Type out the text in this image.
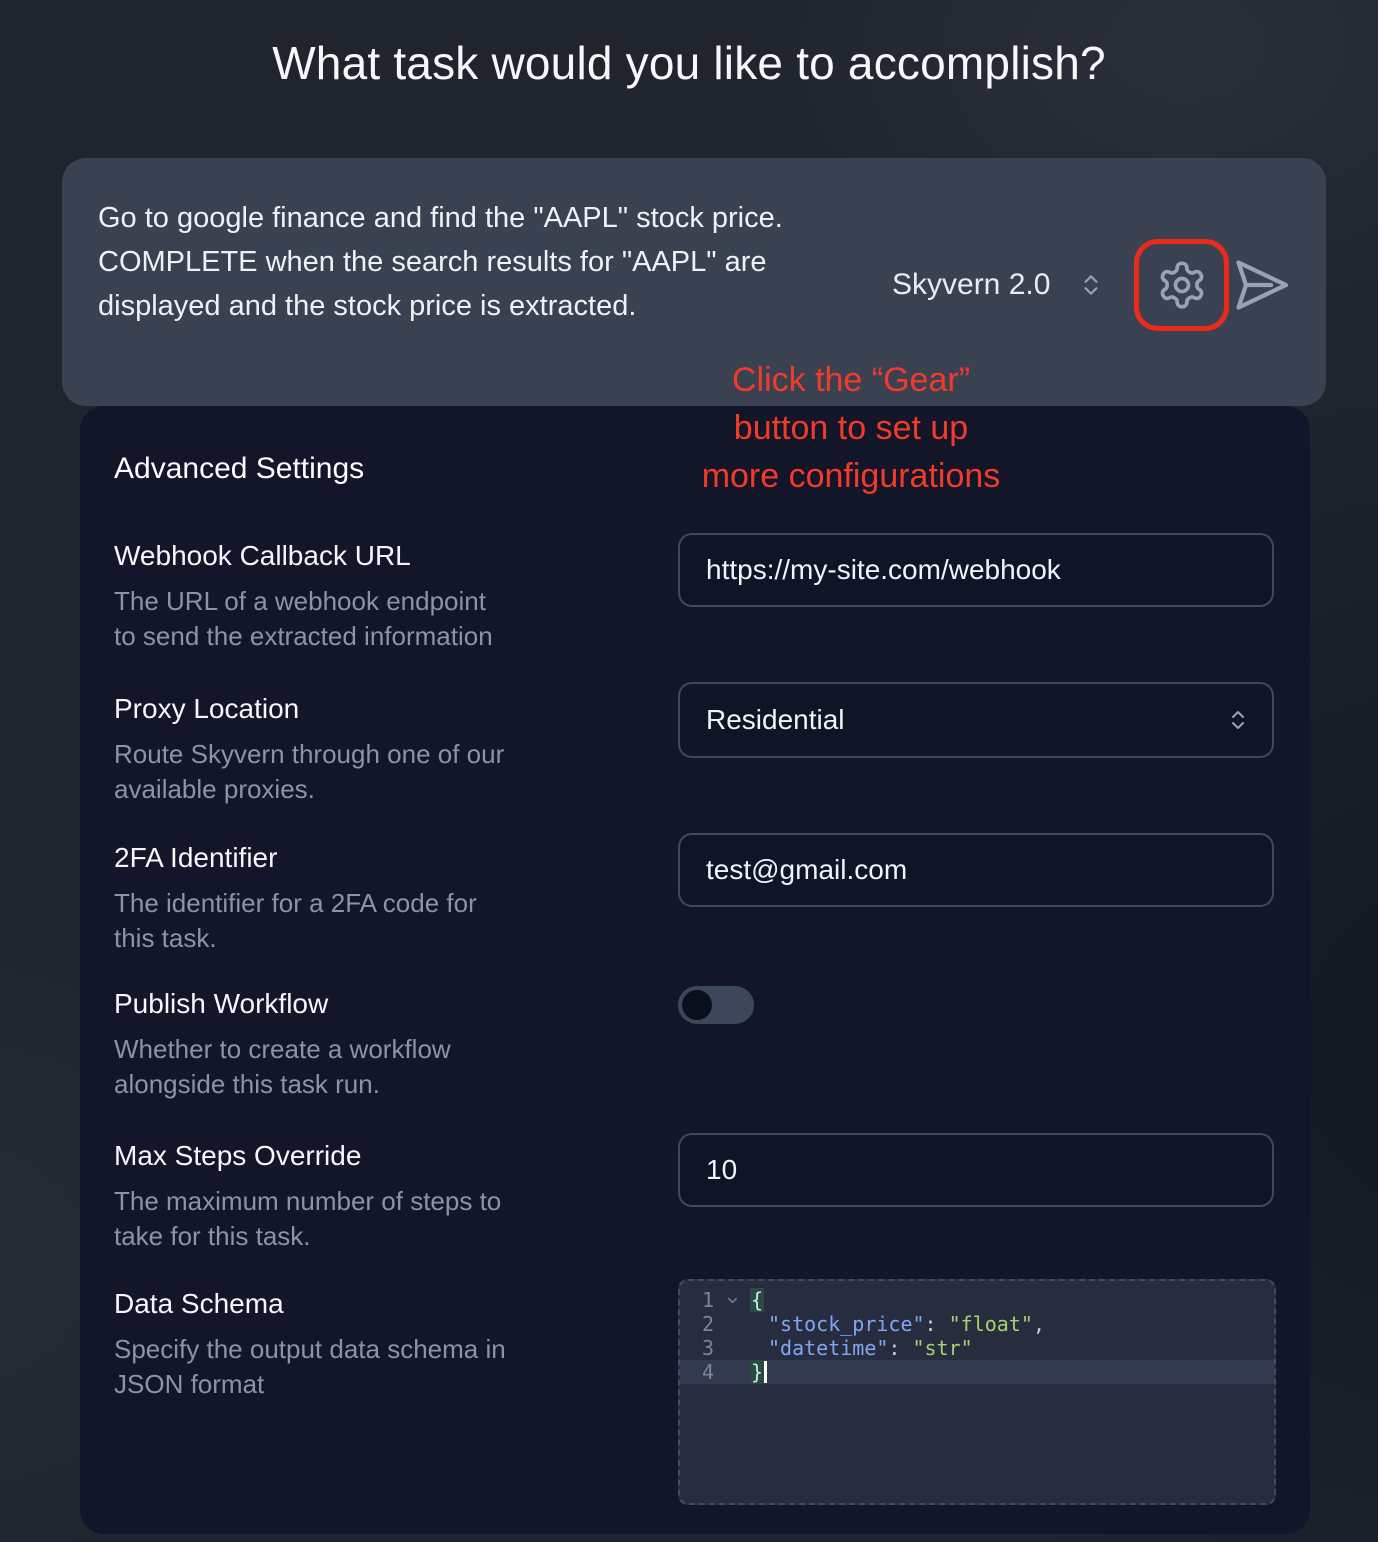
What task would you like to accomplish?
Go to google finance and find the "AAPL" stock price. COMPLETE when the search results for "AAPL" are displayed and the stock price is extracted.
Skyvern 2.0
Click the “Gear”
button to set up
more configurations
Advanced Settings
Webhook Callback URL
The URL of a webhook endpoint to send the extracted information
https://my-site.com/webhook
Proxy Location
Route Skyvern through one of our available proxies.
Residential
2FA Identifier
The identifier for a 2FA code for this task.
test@gmail.com
Publish Workflow
Whether to create a workflow alongside this task run.
Max Steps Override
The maximum number of steps to take for this task.
10
Data Schema
Specify the output data schema in JSON format
1 {
2	"stock_price": "float",
3	"datetime": "str"
4 }
